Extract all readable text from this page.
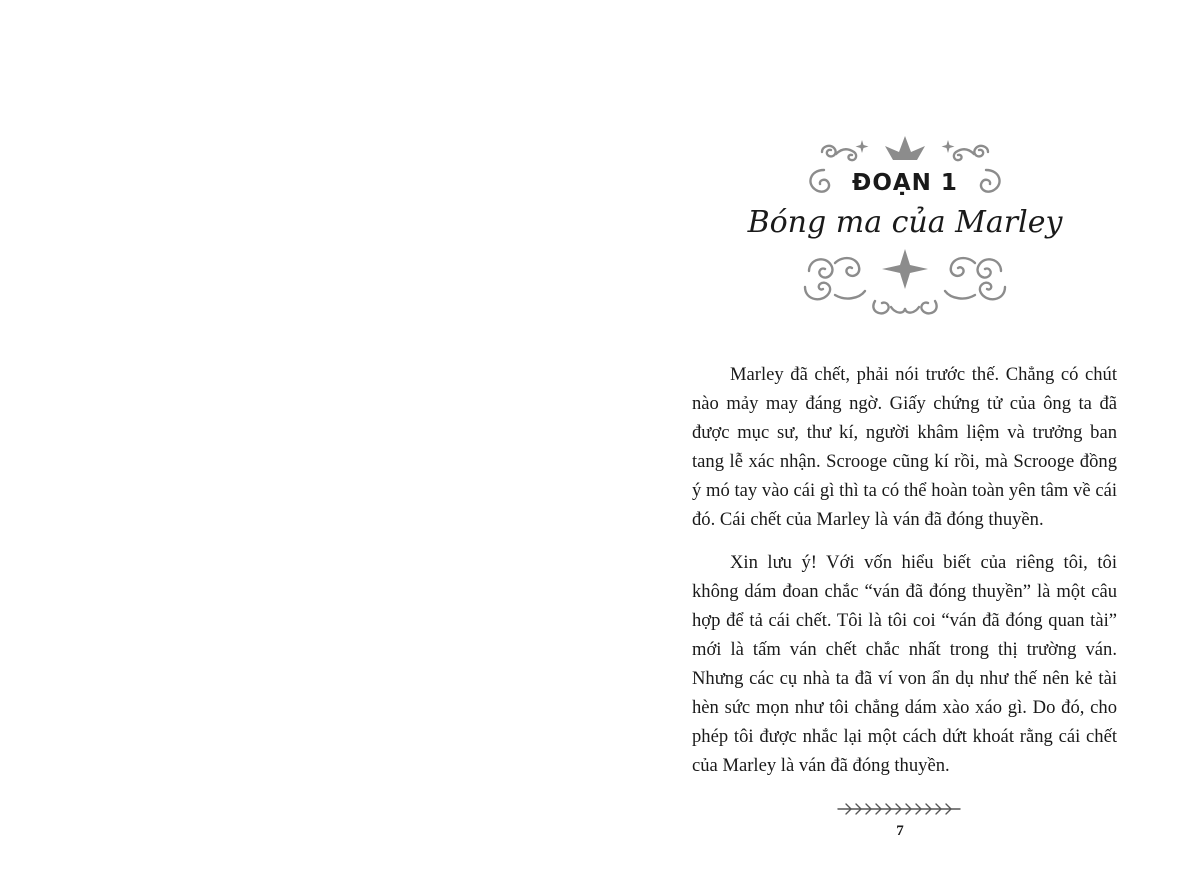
ĐOẠN 1
Bóng ma của Marley

Marley đã chết, phải nói trước thế. Chẳng có chút nào mảy may đáng ngờ. Giấy chứng tử của ông ta đã được mục sư, thư kí, người khâm liệm và trưởng ban tang lễ xác nhận. Scrooge cũng kí rồi, mà Scrooge đồng ý mó tay vào cái gì thì ta có thể hoàn toàn yên tâm về cái đó. Cái chết của Marley là ván đã đóng thuyền.

Xin lưu ý! Với vốn hiểu biết của riêng tôi, tôi không dám đoan chắc “ván đã đóng thuyền” là một câu hợp để tả cái chết. Tôi là tôi coi “ván đã đóng quan tài” mới là tấm ván chết chắc nhất trong thị trường ván. Nhưng các cụ nhà ta đã ví von ẩn dụ như thế nên kẻ tài hèn sức mọn như tôi chẳng dám xào xáo gì. Do đó, cho phép tôi được nhắc lại một cách dứt khoát rằng cái chết của Marley là ván đã đóng thuyền.

7
